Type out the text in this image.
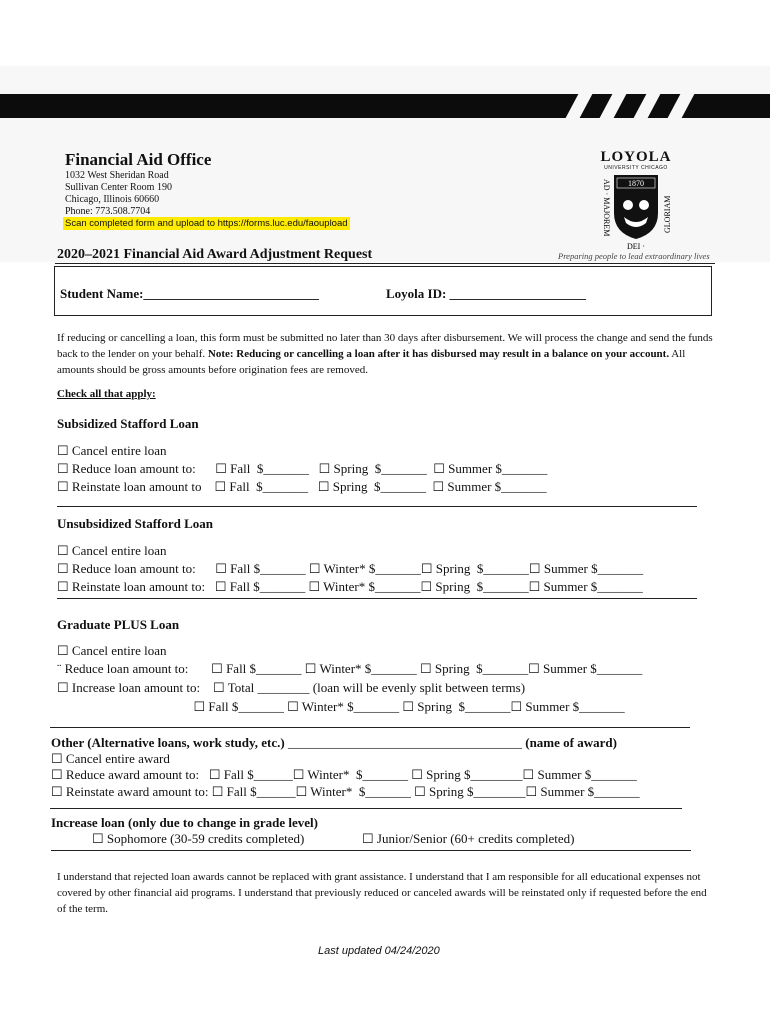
Financial Aid Office
1032 West Sheridan Road
Sullivan Center Room 190
Chicago, Illinois 60660
Phone: 773.508.7704
Scan completed form and upload to https://forms.luc.edu/faoupload
LOYOLA
UNIVERSITY CHICAGO
AD · MAJOREM	GLORIAM
1870
DEI ·
Preparing people to lead extraordinary lives
2020–2021 Financial Aid Award Adjustment Request
Student Name:___________________________	Loyola ID: _____________________
If reducing or cancelling a loan, this form must be submitted no later than 30 days after disbursement. We will process the change and send the funds back to the lender on your behalf. Note: Reducing or cancelling a loan after it has disbursed may result in a balance on your account. All amounts should be gross amounts before origination fees are removed.
Check all that apply:
Subsidized Stafford Loan
☐ Cancel entire loan
☐ Reduce loan amount to:      ☐ Fall  $_______   ☐ Spring  $_______  ☐ Summer $_______
☐ Reinstate loan amount to    ☐ Fall  $_______   ☐ Spring  $_______  ☐ Summer $_______
Unsubsidized Stafford Loan
☐ Cancel entire loan
☐ Reduce loan amount to:      ☐ Fall $_______ ☐ Winter* $_______☐ Spring  $_______☐ Summer $_______
☐ Reinstate loan amount to:   ☐ Fall $_______ ☐ Winter* $_______☐ Spring  $_______☐ Summer $_______
Graduate PLUS Loan
☐ Cancel entire loan
¨ Reduce loan amount to:       ☐ Fall $_______ ☐ Winter* $_______ ☐ Spring  $_______☐ Summer $_______
☐ Increase loan amount to:    ☐ Total ________ (loan will be evenly split between terms)
☐ Fall $_______ ☐ Winter* $_______ ☐ Spring  $_______☐ Summer $_______
Other (Alternative loans, work study, etc.) ____________________________________ (name of award)
☐ Cancel entire award
☐ Reduce award amount to:   ☐ Fall $______☐ Winter*  $_______ ☐ Spring $________☐ Summer $_______
☐ Reinstate award amount to: ☐ Fall $______☐ Winter*  $_______ ☐ Spring $________☐ Summer $_______
Increase loan (only due to change in grade level)
☐ Sophomore (30-59 credits completed)	☐ Junior/Senior (60+ credits completed)
I understand that rejected loan awards cannot be replaced with grant assistance. I understand that I am responsible for all educational expenses not covered by other financial aid programs. I understand that previously reduced or canceled awards will be reinstated only if requested before the end of the term.
Last updated 04/24/2020
